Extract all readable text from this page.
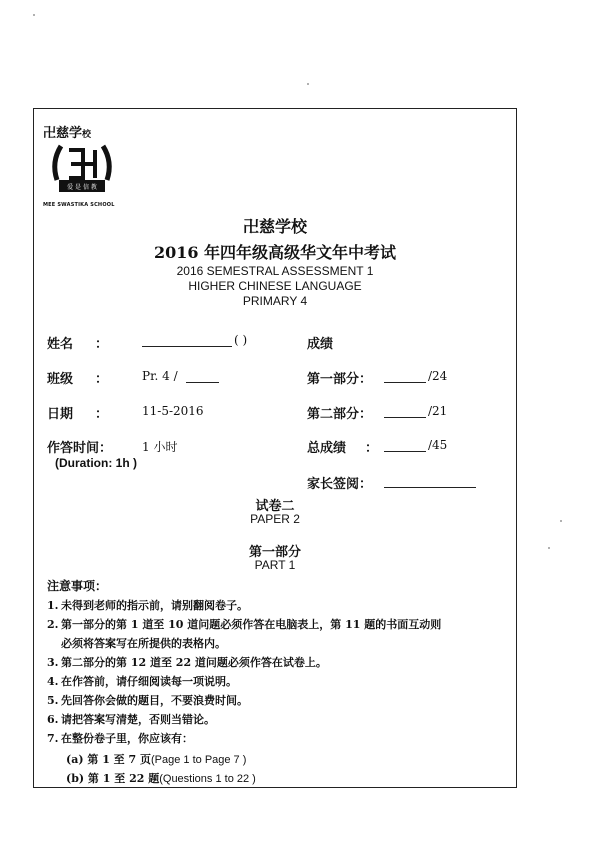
卍慈学校
爱 是 信 教
MEE SWASTIKA SCHOOL
卍慈学校
2016 年四年级高级华文年中考试
2016 SEMESTRAL ASSESSMENT 1
HIGHER CHINESE LANGUAGE
PRIMARY 4
姓名 ：	( )	成绩
班级 ：	Pr. 4 /	第一部分：	/24
日期 ：	11-5-2016	第二部分：	/21
作答时间： 1 小时	总成绩 ：	/45
(Duration: 1h )
家长签阅：
试卷二
PAPER 2
第一部分
PART 1
注意事项：
1. 未得到老师的指示前，请别翻阅卷子。
2. 第一部分的第 1 道至 10 道问题必须作答在电脑表上，第 11 题的书面互动则
必须将答案写在所提供的表格内。
3. 第二部分的第 12 道至 22 道问题必须作答在试卷上。
4. 在作答前，请仔细阅读每一项说明。
5. 先回答你会做的题目，不要浪费时间。
6. 请把答案写清楚，否则当错论。
7. 在整份卷子里，你应该有：
(a) 第 1 至 7 页(Page 1 to Page 7 )
(b) 第 1 至 22 题(Questions 1 to 22 )
